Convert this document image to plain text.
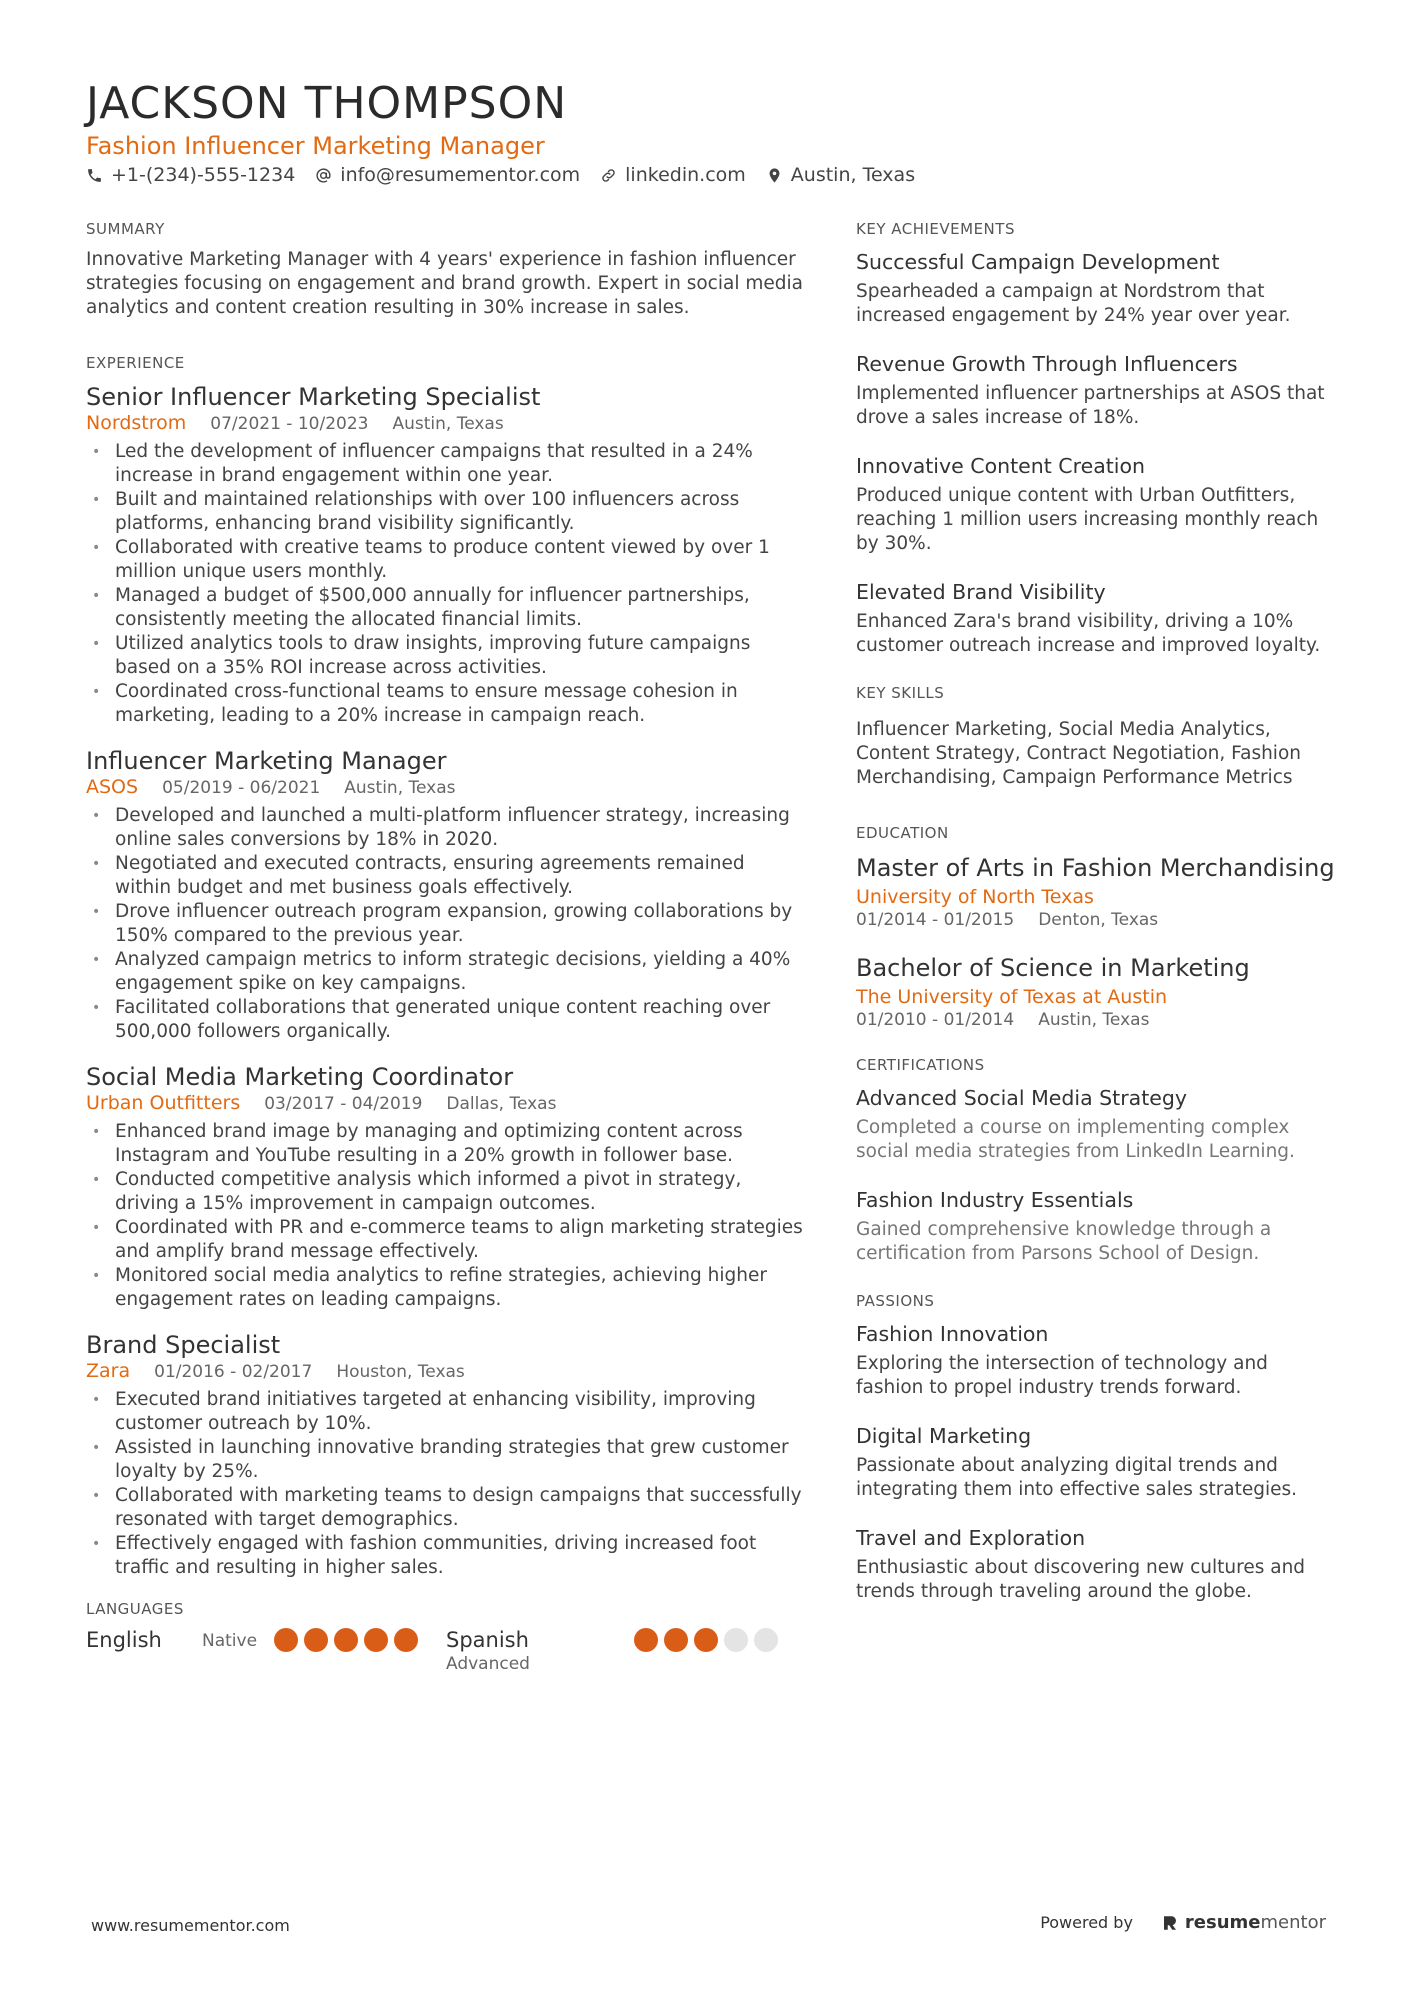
JACKSON THOMPSON
Fashion Influencer Marketing Manager
+1-(234)-555-1234 info@resumementor.com linkedin.com Austin, Texas
SUMMARY

Innovative Marketing Manager with 4 years' experience in fashion influencer strategies focusing on engagement and brand growth. Expert in social media analytics and content creation resulting in 30% increase in sales.

EXPERIENCE
Senior Influencer Marketing Specialist
Nordstrom 07/2021 - 10/2023 Austin, Texas
• Led the development of influencer campaigns that resulted in a 24% increase in brand engagement within one year.
• Built and maintained relationships with over 100 influencers across platforms, enhancing brand visibility significantly.
• Collaborated with creative teams to produce content viewed by over 1 million unique users monthly.
• Managed a budget of $500,000 annually for influencer partnerships, consistently meeting the allocated financial limits.
• Utilized analytics tools to draw insights, improving future campaigns based on a 35% ROI increase across activities.
• Coordinated cross-functional teams to ensure message cohesion in marketing, leading to a 20% increase in campaign reach.
Influencer Marketing Manager
ASOS 05/2019 - 06/2021 Austin, Texas
• Developed and launched a multi-platform influencer strategy, increasing online sales conversions by 18% in 2020.
• Negotiated and executed contracts, ensuring agreements remained within budget and met business goals effectively.
• Drove influencer outreach program expansion, growing collaborations by 150% compared to the previous year.
• Analyzed campaign metrics to inform strategic decisions, yielding a 40% engagement spike on key campaigns.
• Facilitated collaborations that generated unique content reaching over 500,000 followers organically.
Social Media Marketing Coordinator
Urban Outfitters 03/2017 - 04/2019 Dallas, Texas
• Enhanced brand image by managing and optimizing content across Instagram and YouTube resulting in a 20% growth in follower base.
• Conducted competitive analysis which informed a pivot in strategy, driving a 15% improvement in campaign outcomes.
• Coordinated with PR and e-commerce teams to align marketing strategies and amplify brand message effectively.
• Monitored social media analytics to refine strategies, achieving higher engagement rates on leading campaigns.
Brand Specialist
Zara 01/2016 - 02/2017 Houston, Texas
• Executed brand initiatives targeted at enhancing visibility, improving customer outreach by 10%.
• Assisted in launching innovative branding strategies that grew customer loyalty by 25%.
• Collaborated with marketing teams to design campaigns that successfully resonated with target demographics.
• Effectively engaged with fashion communities, driving increased foot traffic and resulting in higher sales.
LANGUAGES
English	Native	Spanish
Advanced
KEY ACHIEVEMENTS
Successful Campaign Development
Spearheaded a campaign at Nordstrom that increased engagement by 24% year over year.
Revenue Growth Through Influencers
Implemented influencer partnerships at ASOS that drove a sales increase of 18%.
Innovative Content Creation
Produced unique content with Urban Outfitters, reaching 1 million users increasing monthly reach by 30%.
Elevated Brand Visibility
Enhanced Zara's brand visibility, driving a 10% customer outreach increase and improved loyalty.
KEY SKILLS

Influencer Marketing, Social Media Analytics, Content Strategy, Contract Negotiation, Fashion Merchandising, Campaign Performance Metrics

EDUCATION
Master of Arts in Fashion Merchandising
University of North Texas
01/2014 - 01/2015 Denton, Texas
Bachelor of Science in Marketing
The University of Texas at Austin
01/2010 - 01/2014 Austin, Texas
CERTIFICATIONS
Advanced Social Media Strategy
Completed a course on implementing complex social media strategies from LinkedIn Learning.
Fashion Industry Essentials
Gained comprehensive knowledge through a certification from Parsons School of Design.
PASSIONS
Fashion Innovation
Exploring the intersection of technology and fashion to propel industry trends forward.
Digital Marketing
Passionate about analyzing digital trends and integrating them into effective sales strategies.
Travel and Exploration
Enthusiastic about discovering new cultures and trends through traveling around the globe.
www.resumementor.com	Powered by	resume mentor
